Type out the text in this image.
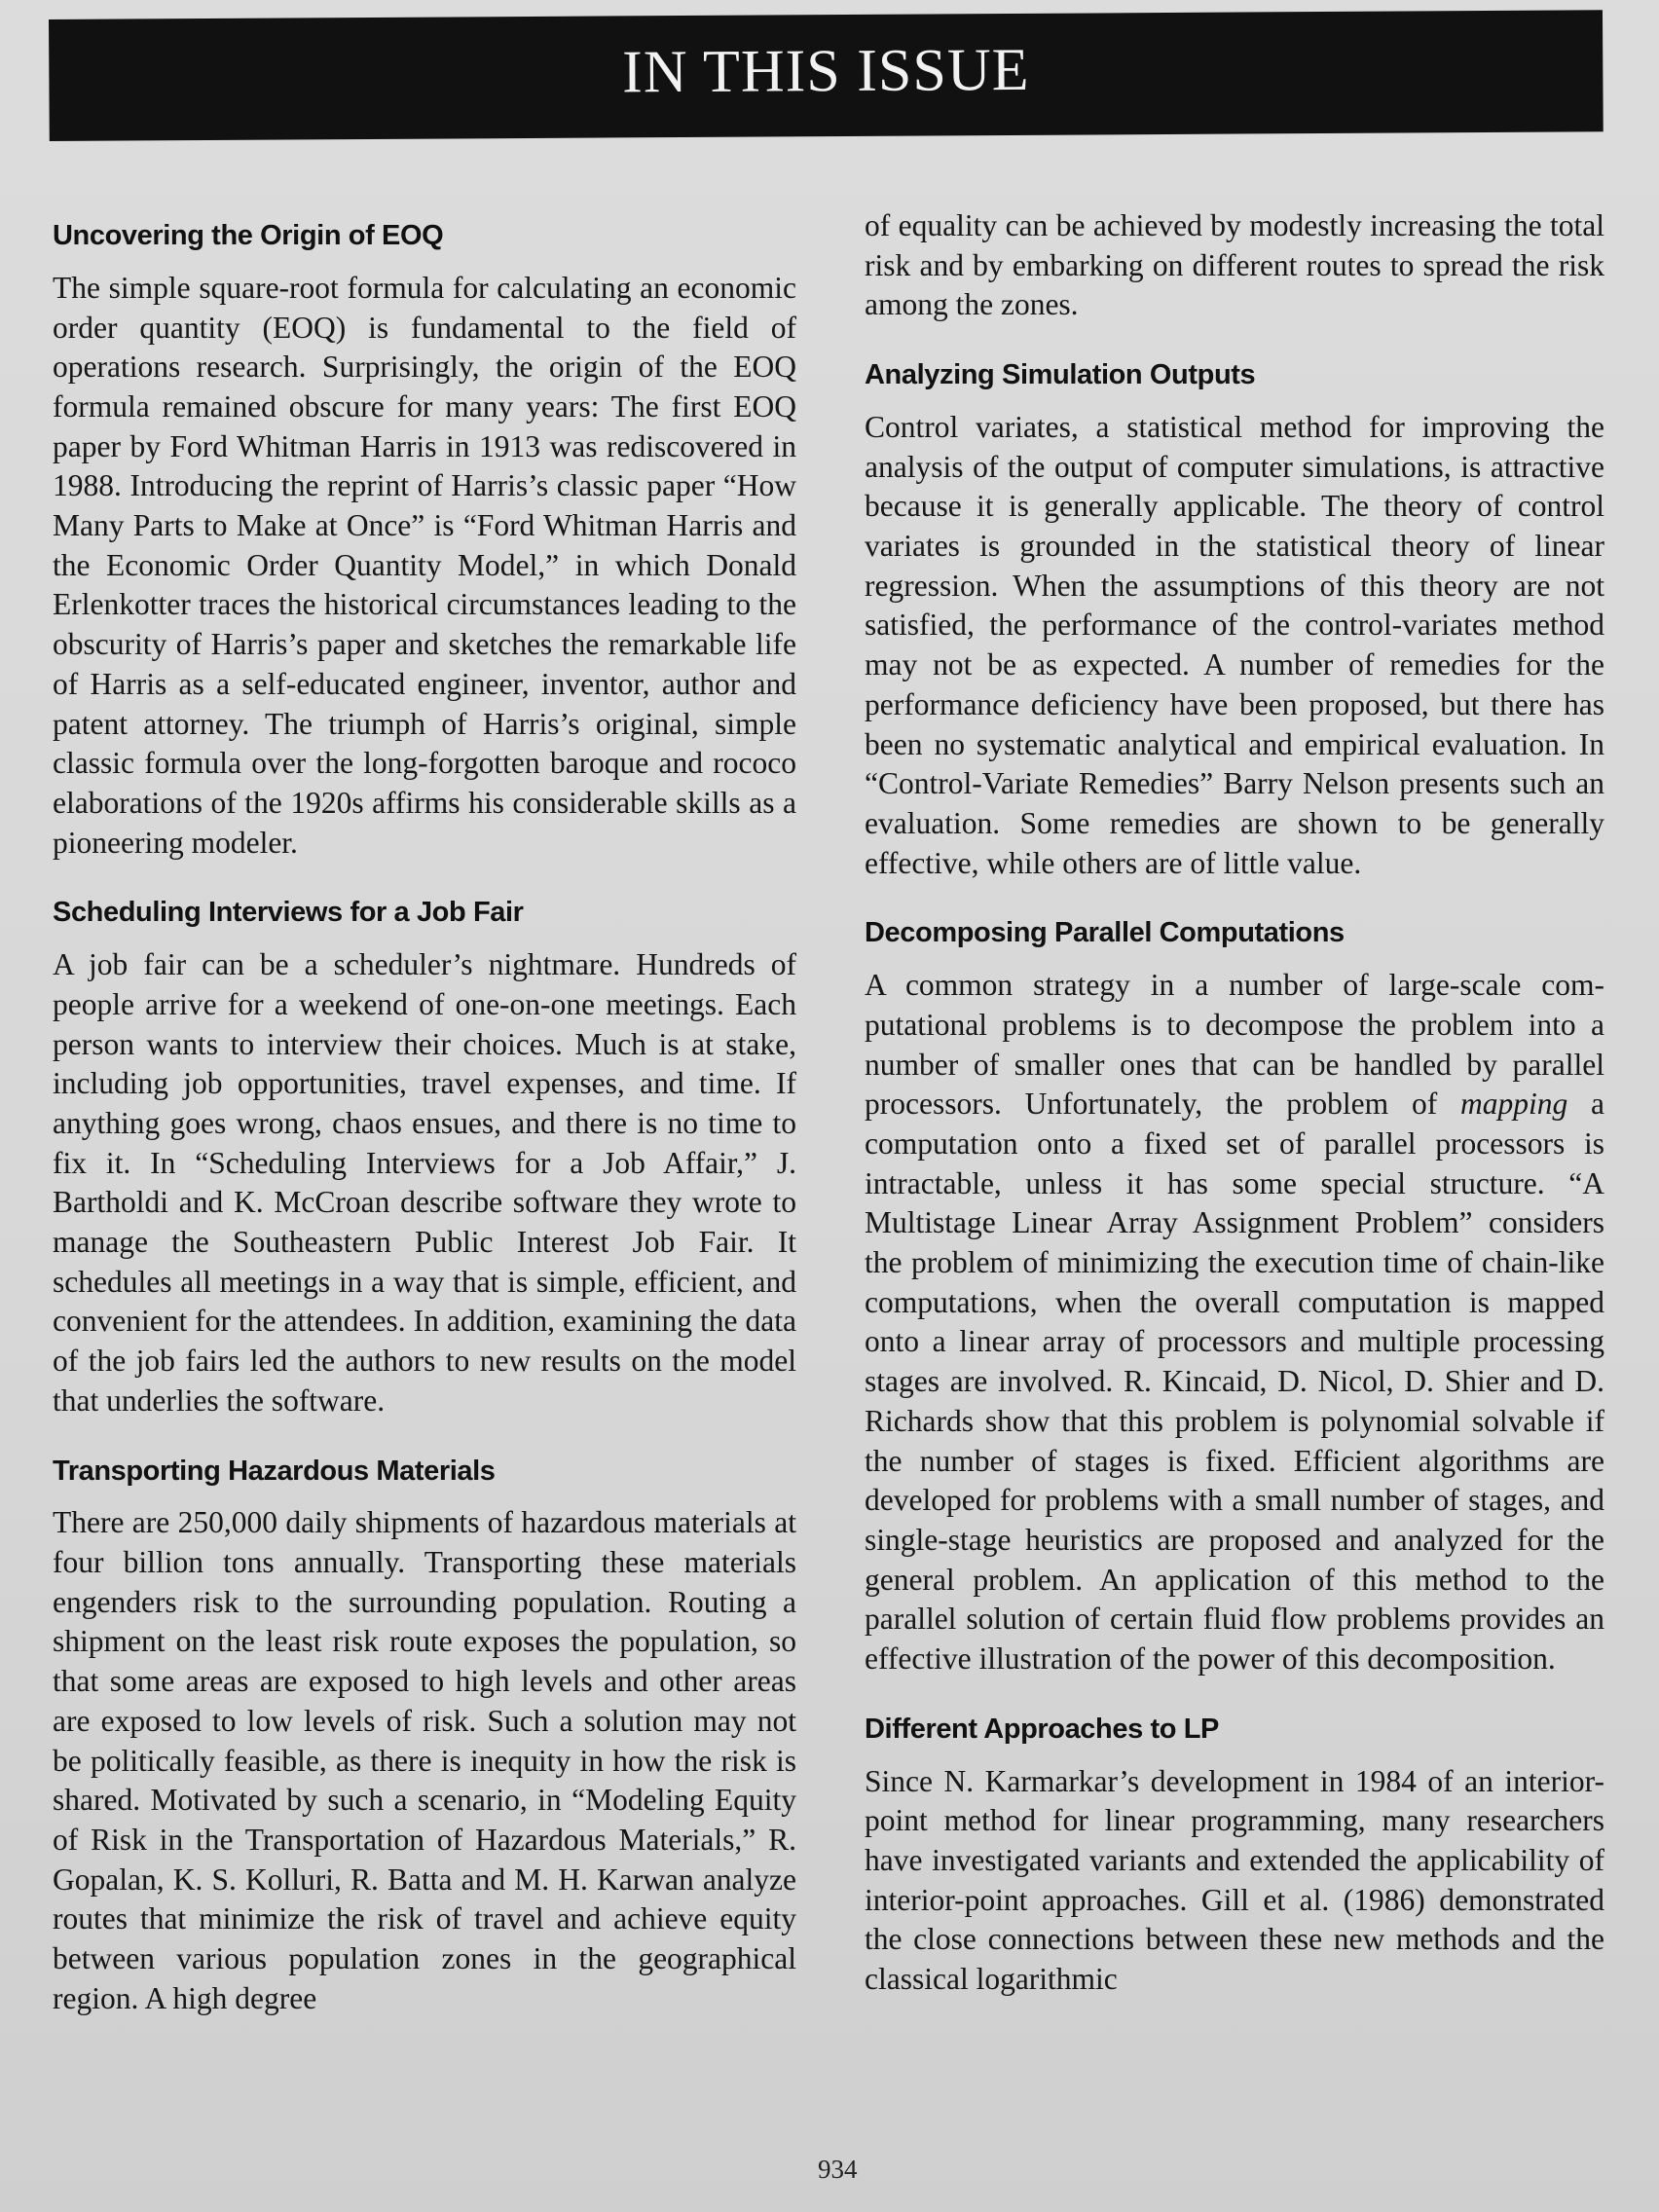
IN THIS ISSUE
Uncovering the Origin of EOQ

The simple square-root formula for calculating an economic order quantity (EOQ) is fundamental to the field of operations research. Surprisingly, the origin of the EOQ formula remained obscure for many years: The first EOQ paper by Ford Whitman Harris in 1913 was rediscovered in 1988. Introducing the reprint of Harris’s classic paper “How Many Parts to Make at Once” is “Ford Whitman Harris and the Economic Order Quantity Model,” in which Donald Erlenkotter traces the historical circumstances leading to the obscurity of Harris’s paper and sketches the remarkable life of Harris as a self-educated engineer, inventor, author and patent attorney. The triumph of Harris’s original, simple classic formula over the long-forgotten baroque and rococo elaborations of the 1920s affirms his considerable skills as a pioneering modeler.

Scheduling Interviews for a Job Fair

A job fair can be a scheduler’s nightmare. Hundreds of people arrive for a weekend of one-on-one meetings. Each person wants to interview their choices. Much is at stake, including job opportunities, travel expenses, and time. If anything goes wrong, chaos ensues, and there is no time to fix it. In “Scheduling Interviews for a Job Affair,” J. Bartholdi and K. McCroan describe software they wrote to manage the Southeastern Public Interest Job Fair. It schedules all meetings in a way that is simple, efficient, and convenient for the attendees. In addition, examining the data of the job fairs led the authors to new results on the model that underlies the software.

Transporting Hazardous Materials

There are 250,000 daily shipments of hazardous materials at four billion tons annually. Transporting these materials engenders risk to the surrounding population. Routing a shipment on the least risk route exposes the population, so that some areas are exposed to high levels and other areas are exposed to low levels of risk. Such a solution may not be politically feasible, as there is inequity in how the risk is shared. Motivated by such a scenario, in “Modeling Equity of Risk in the Transportation of Hazardous Materials,” R. Gopalan, K. S. Kolluri, R. Batta and M. H. Karwan analyze routes that minimize the risk of travel and achieve equity between various population zones in the geographical region. A high degree

of equality can be achieved by modestly increasing the total risk and by embarking on different routes to spread the risk among the zones.

Analyzing Simulation Outputs

Control variates, a statistical method for improving the analysis of the output of computer simulations, is attractive because it is generally applicable. The theory of control variates is grounded in the statistical theory of linear regression. When the assumptions of this theory are not satisfied, the performance of the control-variates method may not be as expected. A number of remedies for the performance deficiency have been proposed, but there has been no systematic analytical and empirical evaluation. In “Control-Variate Remedies” Barry Nelson presents such an evaluation. Some remedies are shown to be generally effective, while others are of little value.

Decomposing Parallel Computations

A common strategy in a number of large-scale computational problems is to decompose the problem into a number of smaller ones that can be handled by parallel processors. Unfortunately, the problem of mapping a computation onto a fixed set of parallel processors is intractable, unless it has some special structure. “A Multistage Linear Array Assignment Problem” considers the problem of minimizing the execution time of chain-like computations, when the overall computation is mapped onto a linear array of processors and multiple processing stages are involved. R. Kincaid, D. Nicol, D. Shier and D. Richards show that this problem is polynomial solvable if the number of stages is fixed. Efficient algorithms are developed for problems with a small number of stages, and single-stage heuristics are proposed and analyzed for the general problem. An application of this method to the parallel solution of certain fluid flow problems provides an effective illustration of the power of this decomposition.

Different Approaches to LP

Since N. Karmarkar’s development in 1984 of an interior-point method for linear programming, many researchers have investigated variants and extended the applicability of interior-point approaches. Gill et al. (1986) demonstrated the close connections between these new methods and the classical logarithmic

934
